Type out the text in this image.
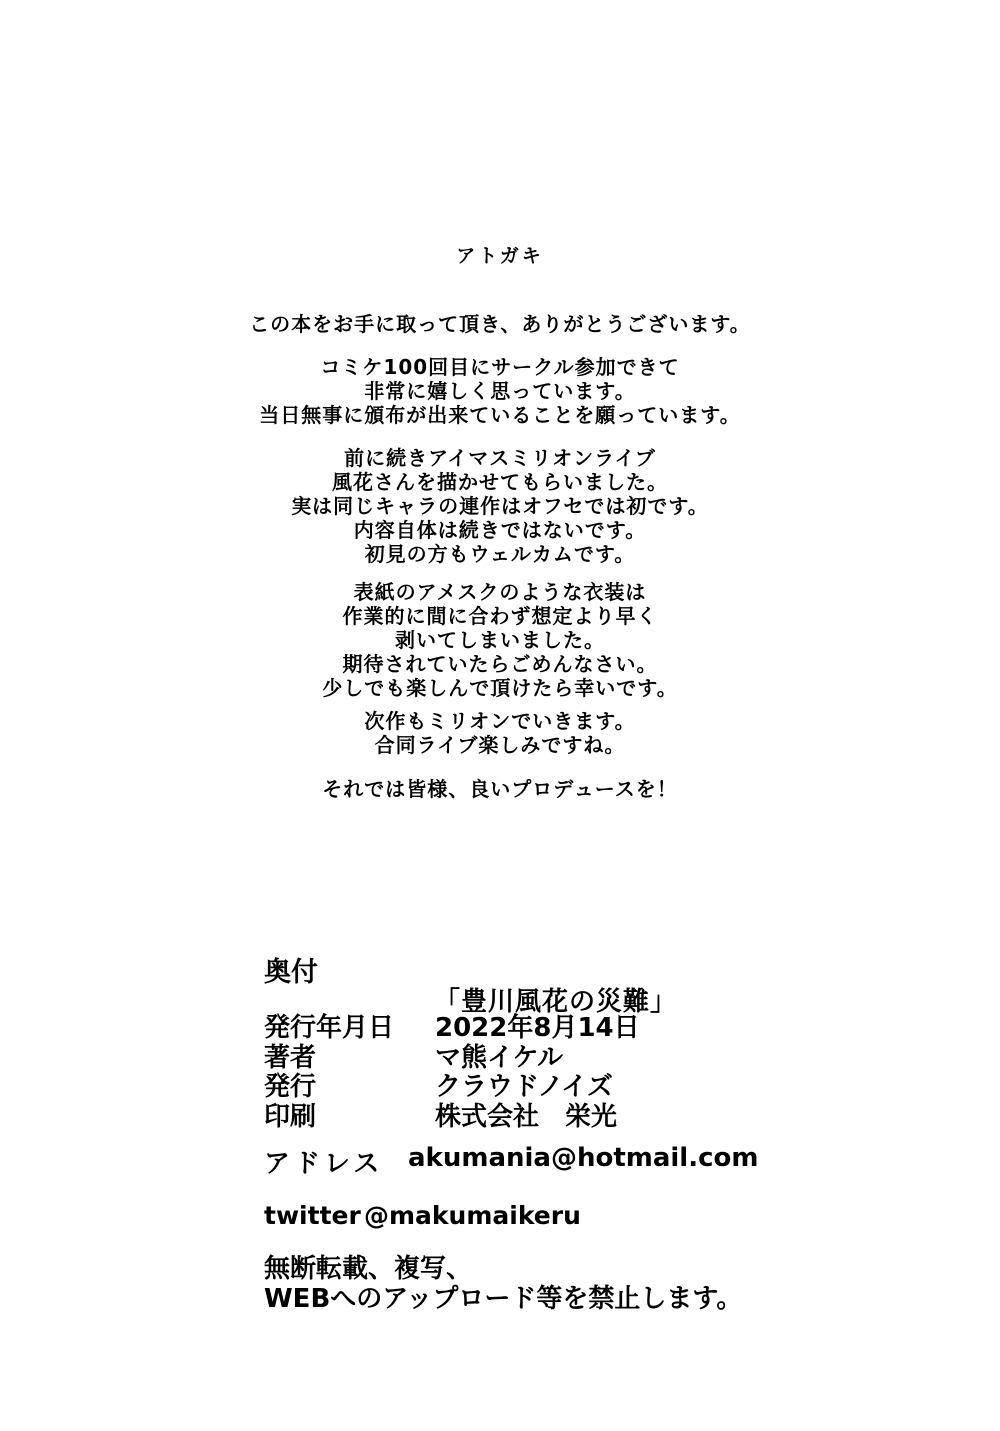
アトガキ
この本をお手に取って頂き、ありがとうございます。
コミケ100回目にサークル参加できて
非常に嬉しく思っています。
当日無事に頒布が出来ていることを願っています。
前に続きアイマスミリオンライブ
風花さんを描かせてもらいました。
実は同じキャラの連作はオフセでは初です。
内容自体は続きではないです。
初見の方もウェルカムです。
表紙のアメスクのような衣装は
作業的に間に合わず想定より早く
剥いてしまいました。
期待されていたらごめんなさい。
少しでも楽しんで頂けたら幸いです。
次作もミリオンでいきます。
合同ライブ楽しみですね。
それでは皆様、良いプロデュースを！
奥付
「豊川風花の災難」
発行年月日 2022年8月14日
著者	マ熊イケル
発行	クラウドノイズ
印刷	株式会社　栄光
アドレス akumania@hotmail.com
twitter @makumaikeru
無断転載、複写、
WEBへのアップロード等を禁止します。
